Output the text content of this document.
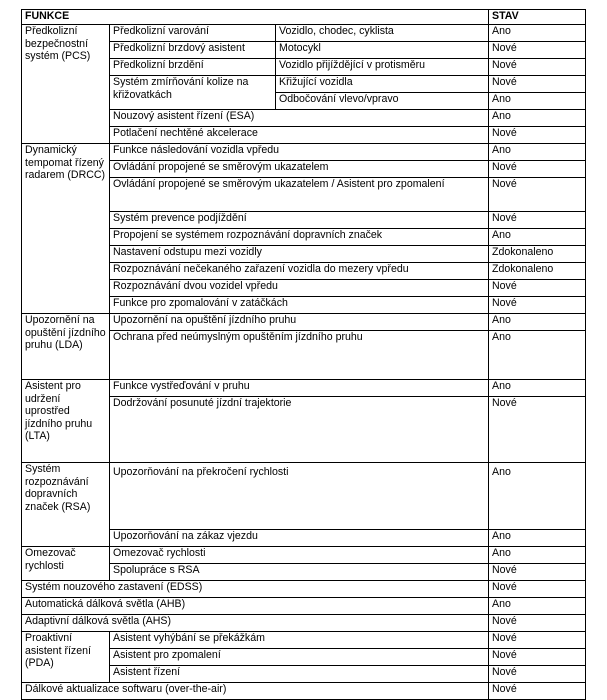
FUNKCE			STAV
Předkolizní bezpečnostní systém (PCS)	Předkolizní varování	Vozidlo, chodec, cyklista	Ano
	Předkolizní brzdový asistent	Motocykl	Nové
	Předkolizní brzdění	Vozidlo přijíždějící v protisměru	Nové
	Systém zmírňování kolize na křižovatkách	Křižující vozidla	Nové
		Odbočování vlevo/vpravo	Ano
	Nouzový asistent řízení (ESA)		Ano
	Potlačení nechtěné akcelerace		Nové
Dynamický tempomat řízený radarem (DRCC)	Funkce následování vozidla vpředu		Ano
	Ovládání propojené se směrovým ukazatelem		Nové
	Ovládání propojené se směrovým ukazatelem / Asistent pro zpomalení		Nové
	Systém prevence podjíždění		Nové
	Propojení se systémem rozpoznávání dopravních značek		Ano
	Nastavení odstupu mezi vozidly		Zdokonaleno
	Rozpoznávání nečekaného zařazení vozidla do mezery vpředu		Zdokonaleno
	Rozpoznávání dvou vozidel vpředu		Nové
	Funkce pro zpomalování v zatáčkách		Nové
Upozornění na opuštění jízdního pruhu (LDA)	Upozornění na opuštění jízdního pruhu		Ano
	Ochrana před neúmyslným opuštěním jízdního pruhu		Ano
Asistent pro udržení uprostřed jízdního pruhu (LTA)	Funkce vystřeďování v pruhu		Ano
	Dodržování posunuté jízdní trajektorie		Nové
Systém rozpoznávání dopravních značek (RSA)	Upozorňování na překročení rychlosti		Ano
	Upozorňování na zákaz vjezdu		Ano
Omezovač rychlosti	Omezovač rychlosti		Ano
	Spolupráce s RSA		Nové
Systém nouzového zastavení (EDSS)			Nové
Automatická dálková světla (AHB)			Ano
Adaptivní dálková světla (AHS)			Nové
Proaktivní asistent řízení (PDA)	Asistent vyhýbání se překážkám		Nové
	Asistent pro zpomalení		Nové
	Asistent řízení		Nové
Dálkové aktualizace softwaru (over-the-air)			Nové
